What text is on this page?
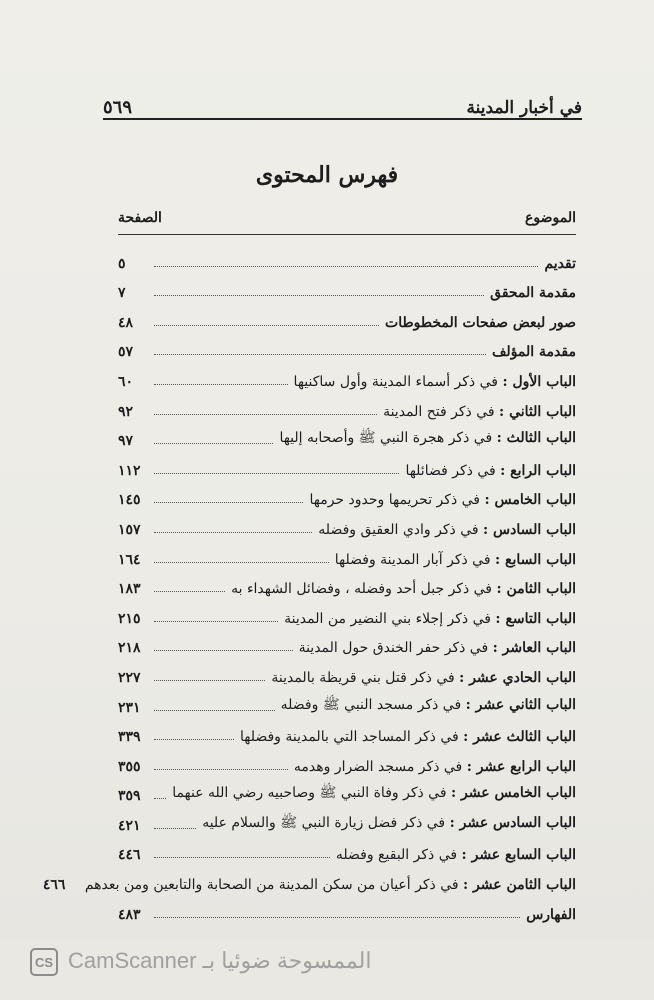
٥٦٩	في أخبار المدينة
فهرس المحتوى
الصفحة	الموضوع
تقديم
٥
مقدمة المحقق
٧
صور لبعض صفحات المخطوطات
٤٨
مقدمة المؤلف
٥٧
الباب الأول : في ذكر أسماء المدينة وأول ساكنيها
٦٠
الباب الثاني : في ذكر فتح المدينة
٩٢
الباب الثالث : في ذكر هجرة النبي ﷺ وأصحابه إليها
٩٧
الباب الرابع : في ذكر فضائلها
١١٢
الباب الخامس : في ذكر تحريمها وحدود حرمها
١٤٥
الباب السادس : في ذكر وادي العقيق وفضله
١٥٧
الباب السابع : في ذكر آبار المدينة وفضلها
١٦٤
الباب الثامن : في ذكر جبل أحد وفضله ، وفضائل الشهداء به
١٨٣
الباب التاسع : في ذكر إجلاء بني النضير من المدينة
٢١٥
الباب العاشر : في ذكر حفر الخندق حول المدينة
٢١٨
الباب الحادي عشر : في ذكر قتل بني قريظة بالمدينة
٢٢٧
الباب الثاني عشر : في ذكر مسجد النبي ﷺ وفضله
٢٣١
الباب الثالث عشر : في ذكر المساجد التي بالمدينة وفضلها
٣٣٩
الباب الرابع عشر : في ذكر مسجد الضرار وهدمه
٣٥٥
الباب الخامس عشر : في ذكر وفاة النبي ﷺ وصاحبيه رضي الله عنهما
٣٥٩
الباب السادس عشر : في ذكر فضل زيارة النبي ﷺ والسلام عليه
٤٢١
الباب السابع عشر : في ذكر البقيع وفضله
٤٤٦
الباب الثامن عشر : في ذكر أعيان من سكن المدينة من الصحابة والتابعين ومن بعدهم
٤٦٦
الفهارس
٤٨٣
CS CamScanner الممسوحة ضوئيا بـ
